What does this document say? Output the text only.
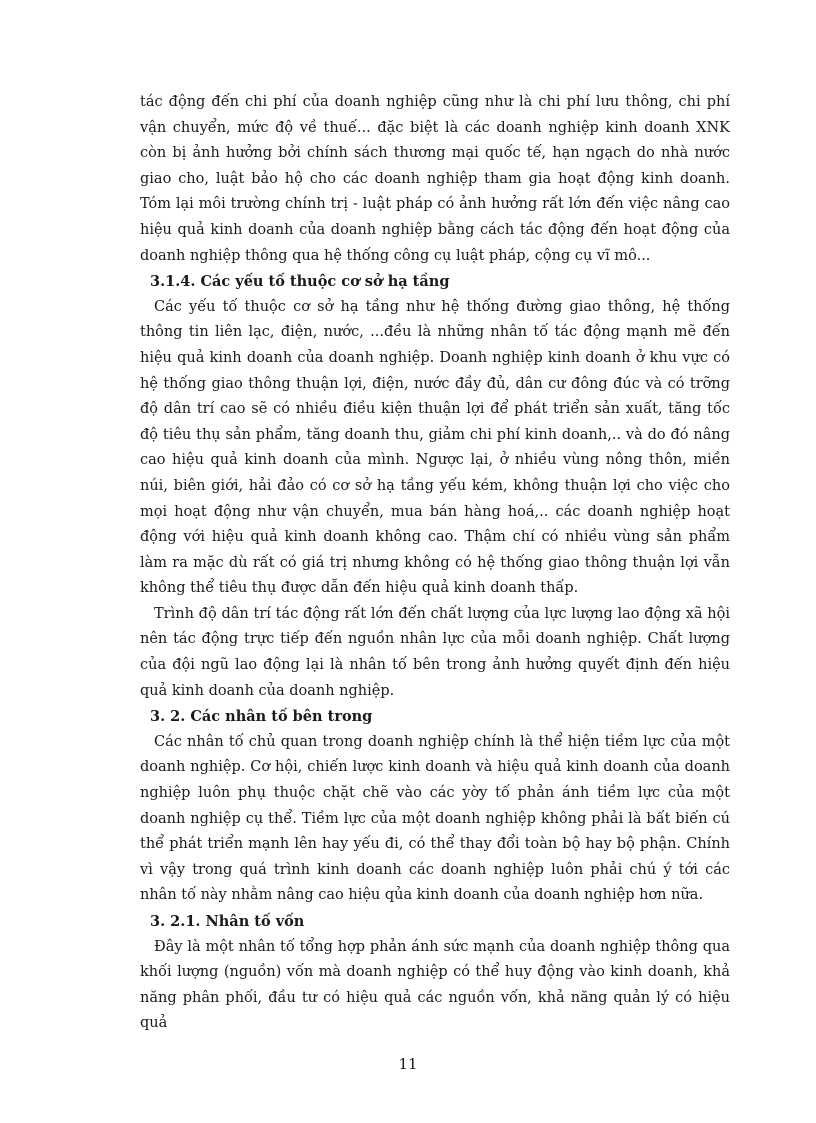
tác động đến chi phí của doanh nghiệp cũng như là chi phí lưu thông, chi phí vận chuyển, mức độ về thuế... đặc biệt là các doanh nghiệp kinh doanh XNK còn bị ảnh hưởng bởi chính sách thương mại quốc tế, hạn ngạch do nhà nước giao cho, luật bảo hộ cho các doanh nghiệp tham gia hoạt động kinh doanh. Tóm lại môi trường chính trị - luật pháp có ảnh hưởng rất lớn đến việc nâng cao hiệu quả kinh doanh của doanh nghiệp bằng cách tác động đến hoạt động của doanh nghiệp thông qua hệ thống công cụ luật pháp, cộng cụ vĩ mô...

3.1.4. Các yếu tố thuộc cơ sở hạ tầng

Các yếu tố thuộc cơ sở hạ tầng như hệ thống đường giao thông, hệ thống thông tin liên lạc, điện, nước, ...đều là những nhân tố tác động mạnh mẽ đến hiệu quả kinh doanh của doanh nghiệp. Doanh nghiệp kinh doanh ở khu vực có hệ thống giao thông thuận lợi, điện, nước đầy đủ, dân cư đông đúc và có trỡng độ dân trí cao sẽ có nhiều điều kiện thuận lợi để phát triển sản xuất, tăng tốc độ tiêu thụ sản phẩm, tăng doanh thu, giảm chi phí kinh doanh,.. và do đó nâng cao hiệu quả kinh doanh của mình. Ngược lại, ở nhiều vùng nông thôn, miền núi, biên giới, hải đảo có cơ sở hạ tầng yếu kém, không thuận lợi cho việc cho mọi hoạt động như vận chuyển, mua bán hàng hoá,.. các doanh nghiệp hoạt động với hiệu quả kinh doanh không cao. Thậm chí có nhiều vùng sản phẩm làm ra mặc dù rất có giá trị nhưng không có hệ thống giao thông thuận lợi vẫn không thể tiêu thụ được dẫn đến hiệu quả kinh doanh thấp.

Trình độ dân trí tác động rất lớn đến chất lượng của lực lượng lao động xã hội nên tác động trực tiếp đến nguồn nhân lực của mỗi doanh nghiệp. Chất lượng của đội ngũ lao động lại là nhân tố bên trong ảnh hưởng quyết định đến hiệu quả kinh doanh của doanh nghiệp.

3. 2. Các nhân tố bên trong

Các nhân tố chủ quan trong doanh nghiệp chính là thể hiện tiềm lực của một doanh nghiệp. Cơ hội, chiến lược kinh doanh và hiệu quả kinh doanh của doanh nghiệp luôn phụ thuộc chặt chẽ vào các yờy tố phản ánh tiềm lực của một doanh nghiệp cụ thể. Tiềm lực của một doanh nghiệp không phải là bất biến cú thể phát triển mạnh lên hay yếu đi, có thể thay đổi toàn bộ hay bộ phận. Chính vì vậy trong quá trình kinh doanh các doanh nghiệp luôn phải chú ý tới các nhân tố này nhằm nâng cao hiệu qủa kinh doanh của doanh nghiệp hơn nữa.

3. 2.1. Nhân tố vốn

Đây là một nhân tố tổng hợp phản ánh sức mạnh của doanh nghiệp thông qua khối lượng (nguồn) vốn mà doanh nghiệp có thể huy động vào kinh doanh, khả năng phân phối, đầu tư có hiệu quả các nguồn vốn, khả năng quản lý có hiệu quả

11
